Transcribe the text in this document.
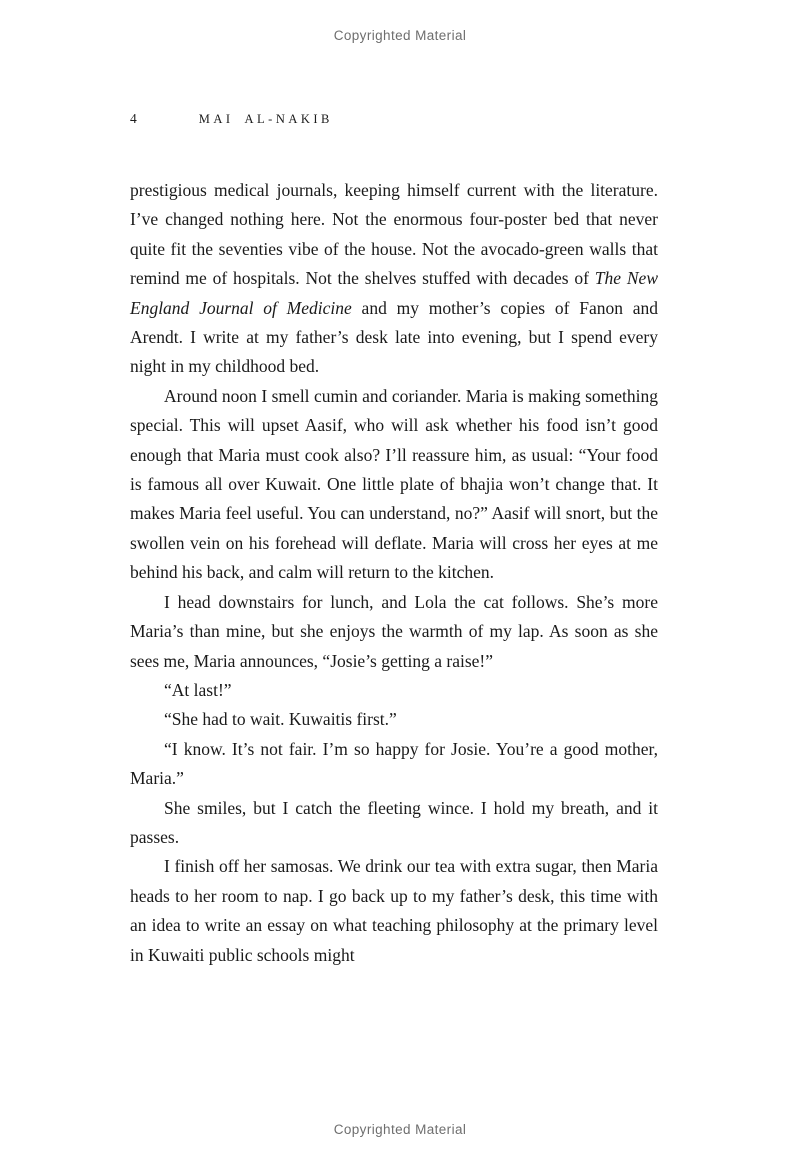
Copyrighted Material
4	MAI AL-NAKIB

prestigious medical journals, keeping himself current with the literature. I’ve changed nothing here. Not the enormous four-poster bed that never quite fit the seventies vibe of the house. Not the avocado-green walls that remind me of hospitals. Not the shelves stuffed with decades of The New England Journal of Medicine and my mother’s copies of Fanon and Arendt. I write at my father’s desk late into evening, but I spend every night in my childhood bed.

Around noon I smell cumin and coriander. Maria is making something special. This will upset Aasif, who will ask whether his food isn’t good enough that Maria must cook also? I’ll reassure him, as usual: “Your food is famous all over Kuwait. One little plate of bhajia won’t change that. It makes Maria feel useful. You can understand, no?” Aasif will snort, but the swollen vein on his forehead will deflate. Maria will cross her eyes at me behind his back, and calm will return to the kitchen.

I head downstairs for lunch, and Lola the cat follows. She’s more Maria’s than mine, but she enjoys the warmth of my lap. As soon as she sees me, Maria announces, “Josie’s getting a raise!”

“At last!”

“She had to wait. Kuwaitis first.”

“I know. It’s not fair. I’m so happy for Josie. You’re a good mother, Maria.”

She smiles, but I catch the fleeting wince. I hold my breath, and it passes.

I finish off her samosas. We drink our tea with extra sugar, then Maria heads to her room to nap. I go back up to my father’s desk, this time with an idea to write an essay on what teaching philosophy at the primary level in Kuwaiti public schools might

Copyrighted Material
